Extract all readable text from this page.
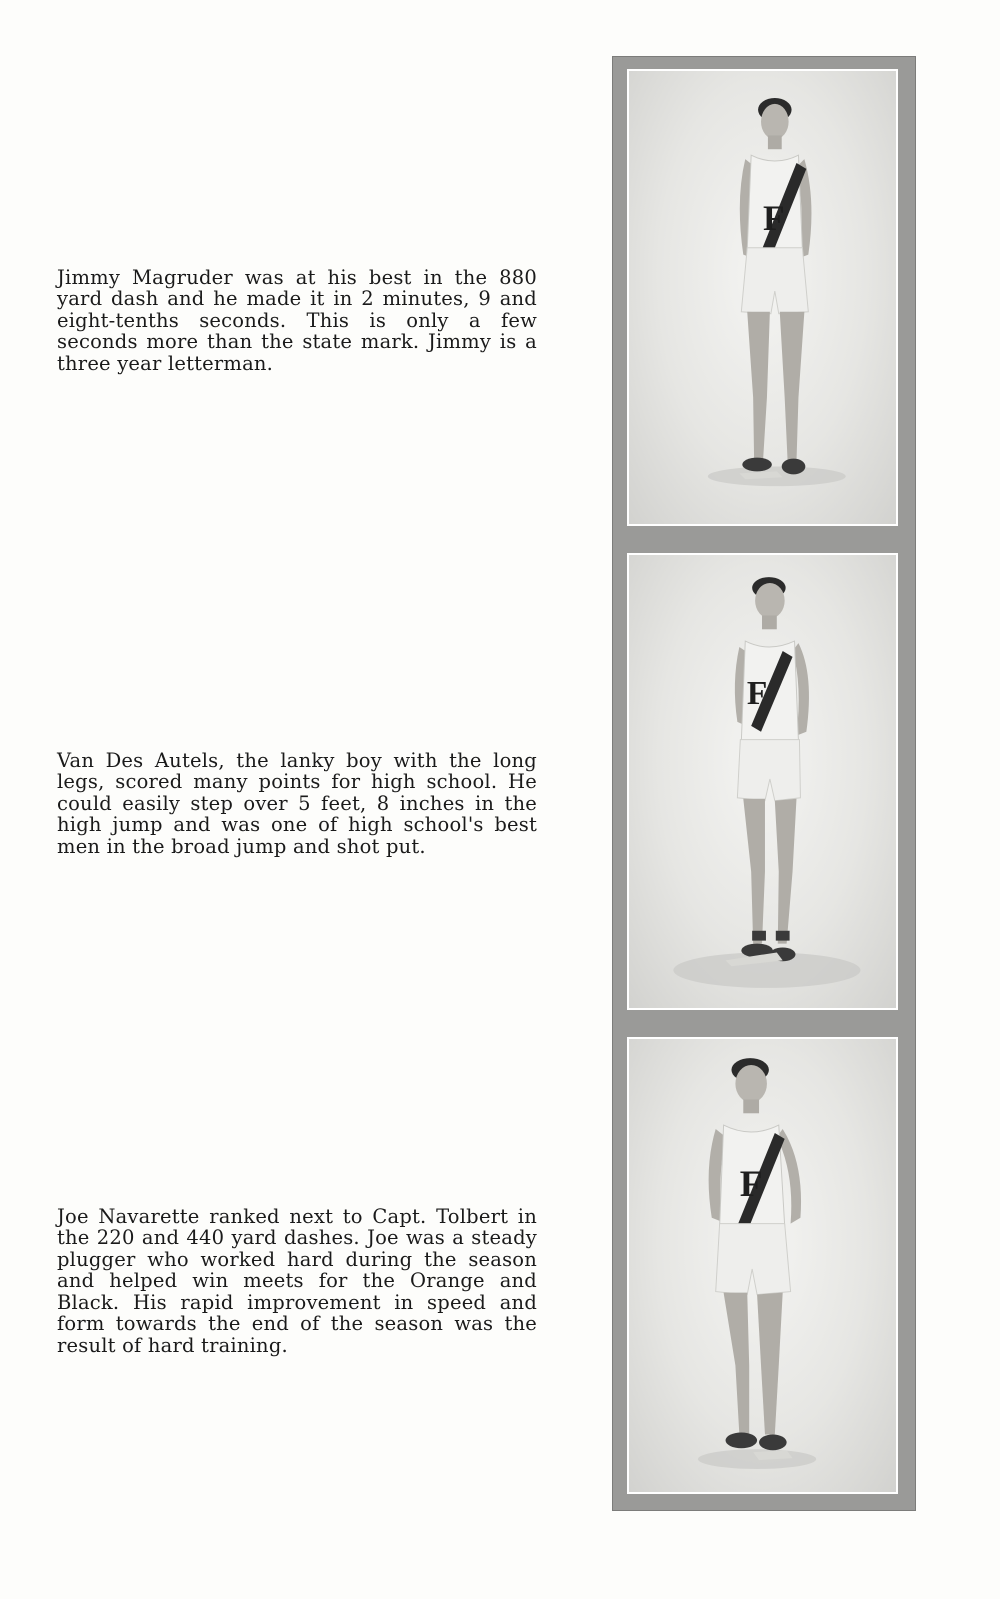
Jimmy Magruder was at his best in the 880 yard dash and he made it in 2 minutes, 9 and eight-tenths seconds. This is only a few seconds more than the state mark. Jimmy is a three year letterman.

Van Des Autels, the lanky boy with the long legs, scored many points for high school. He could easily step over 5 feet, 8 inches in the high jump and was one of high school's best men in the broad jump and shot put.

Joe Navarette ranked next to Capt. Tolbert in the 220 and 440 yard dashes. Joe was a steady plugger who worked hard during the season and helped win meets for the Orange and Black. His rapid improvement in speed and form towards the end of the season was the result of hard training.

F
F
F
